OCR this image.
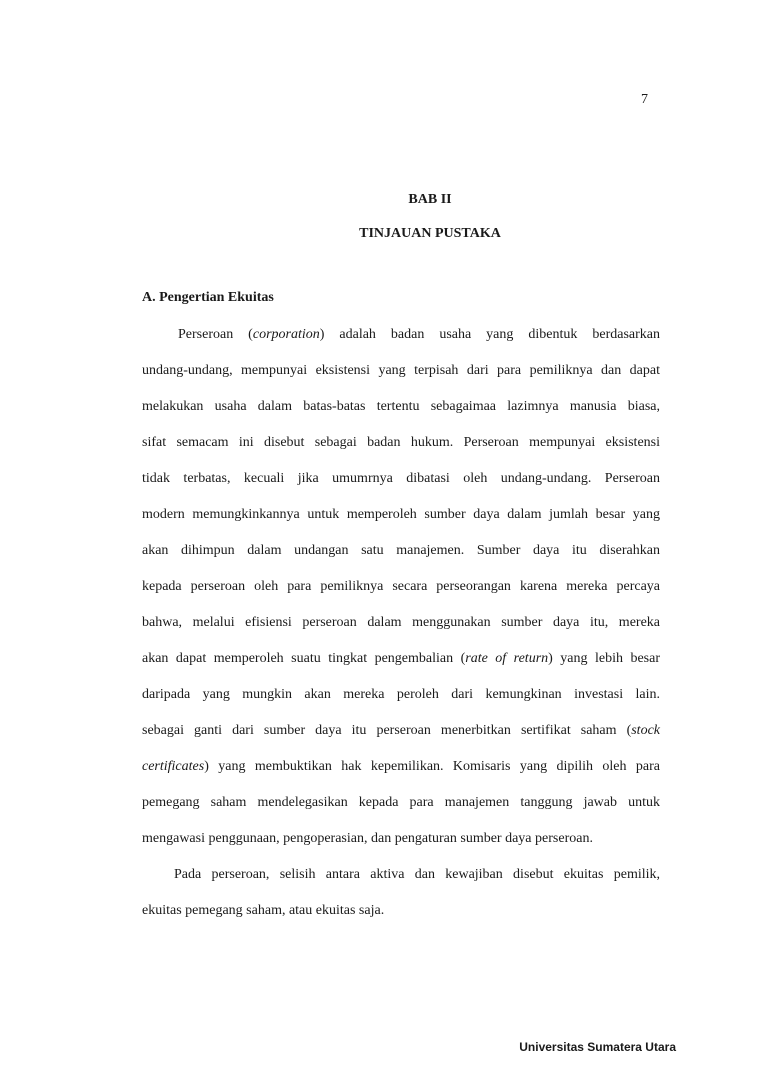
7
BAB II
TINJAUAN PUSTAKA
A. Pengertian Ekuitas
Perseroan (corporation) adalah badan usaha yang dibentuk berdasarkan
undang-undang, mempunyai eksistensi yang terpisah dari para pemiliknya dan dapat
melakukan usaha dalam batas-batas tertentu sebagaimaa lazimnya manusia biasa,
sifat semacam ini disebut sebagai badan hukum. Perseroan mempunyai eksistensi
tidak terbatas, kecuali jika umumrnya dibatasi oleh undang-undang. Perseroan
modern memungkinkannya untuk memperoleh sumber daya dalam jumlah besar yang
akan dihimpun dalam undangan satu manajemen. Sumber daya itu diserahkan
kepada perseroan oleh para pemiliknya secara perseorangan karena mereka percaya
bahwa, melalui efisiensi perseroan dalam menggunakan sumber daya itu, mereka
akan dapat memperoleh suatu tingkat pengembalian (rate of return) yang lebih besar
daripada yang mungkin akan mereka peroleh dari kemungkinan investasi lain.
sebagai ganti dari sumber daya itu perseroan menerbitkan sertifikat saham (stock
certificates) yang membuktikan hak kepemilikan. Komisaris yang dipilih oleh para
pemegang saham mendelegasikan kepada para manajemen tanggung jawab untuk
mengawasi penggunaan, pengoperasian, dan pengaturan sumber daya perseroan.
Pada perseroan, selisih antara aktiva dan kewajiban disebut ekuitas pemilik,
ekuitas pemegang saham, atau ekuitas saja.
Universitas Sumatera Utara
